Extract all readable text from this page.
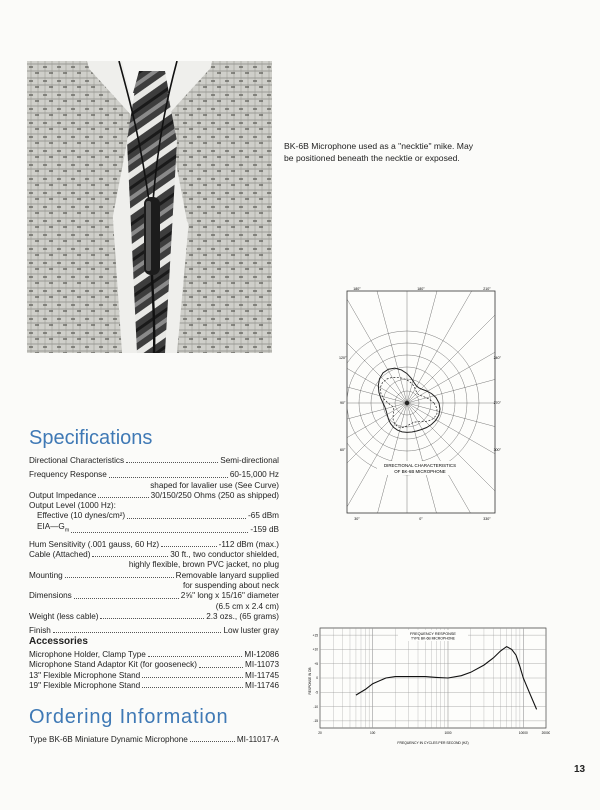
BK-6B Microphone used as a "necktie" mike. May
be positioned beneath the necktie or exposed.
180°	180°	210°
120°
90°
60°
240°
270°
300°
30°	0°	330°
DIRECTIONAL CHARACTERISTICS
OF BK-6B MICROPHONE
Specifications
Directional Characteristics	Semi-directional
Frequency Response	60-15,000 Hz
shaped for lavalier use (See Curve)
Output Impedance	30/150/250 Ohms (250 as shipped)
Output Level (1000 Hz):
Effective (10 dynes/cm²)	-65 dBm
$EIA—G_m$	-159 dB
Hum Sensitivity (.001 gauss, 60 Hz)	-112 dBm (max.)
Cable (Attached)	30 ft., two conductor shielded,
highly flexible, brown PVC jacket, no plug
Mounting	Removable lanyard supplied
for suspending about neck
Dimensions	2⅝" long x 15/16" diameter
(6.5 cm x 2.4 cm)
Weight (less cable)	2.3 ozs., (65 grams)
Finish	Low luster gray
Accessories
Microphone Holder, Clamp Type	MI-12086
Microphone Stand Adaptor Kit (for gooseneck)	MI-11073
13" Flexible Microphone Stand	MI-11745
19" Flexible Microphone Stand	MI-11746
Ordering Information
Type BK-6B Miniature Dynamic Microphone	MI-11017-A
+15
+10
+5
0
-5
-10
-15
20	100	1000	10000	20000
FREQUENCY RESPONSE
TYPE BK-6B MICROPHONE
FREQUENCY IN CYCLES PER SECOND (HZ)
RESPONSE IN DB
13
